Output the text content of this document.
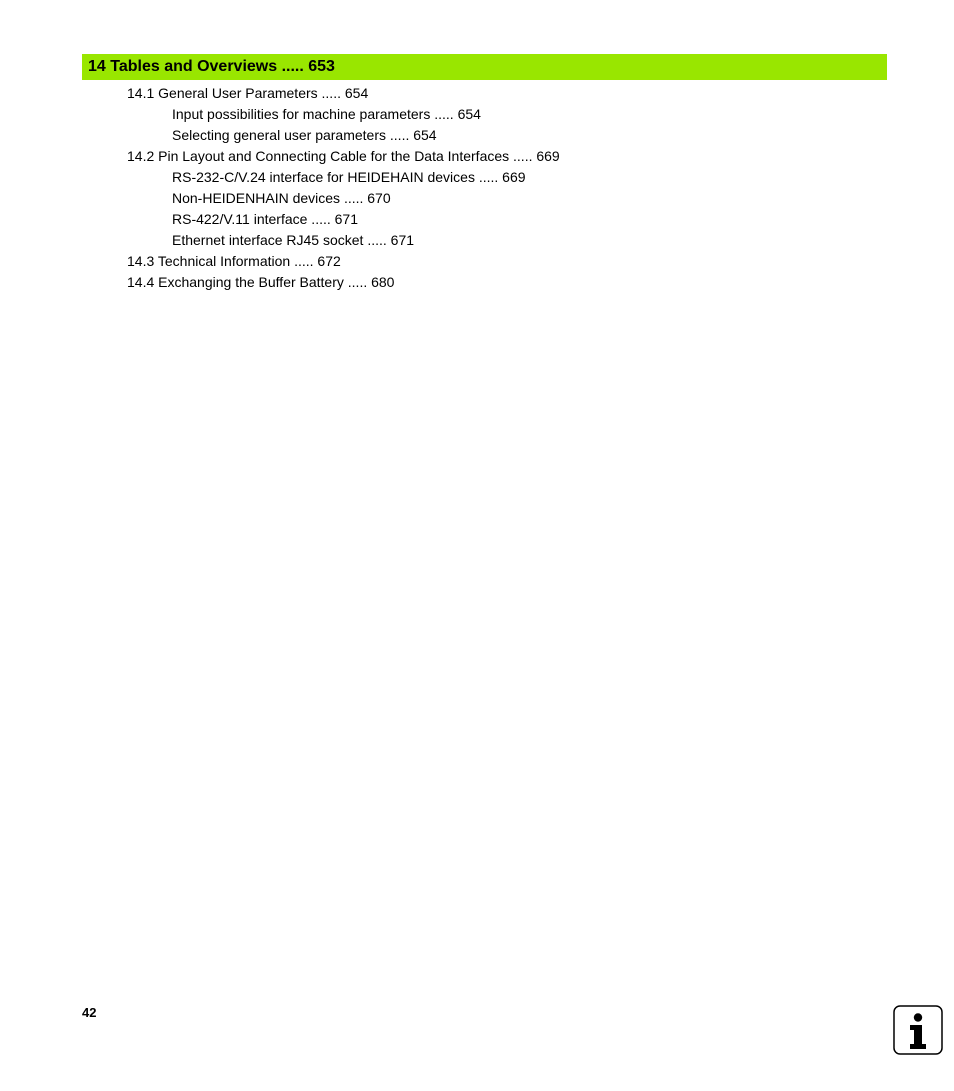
14 Tables and Overviews ..... 653
14.1 General User Parameters ..... 654
Input possibilities for machine parameters ..... 654
Selecting general user parameters ..... 654
14.2 Pin Layout and Connecting Cable for the Data Interfaces ..... 669
RS-232-C/V.24 interface for HEIDEHAIN devices ..... 669
Non-HEIDENHAIN devices ..... 670
RS-422/V.11 interface ..... 671
Ethernet interface RJ45 socket ..... 671
14.3 Technical Information ..... 672
14.4 Exchanging the Buffer Battery ..... 680
42
